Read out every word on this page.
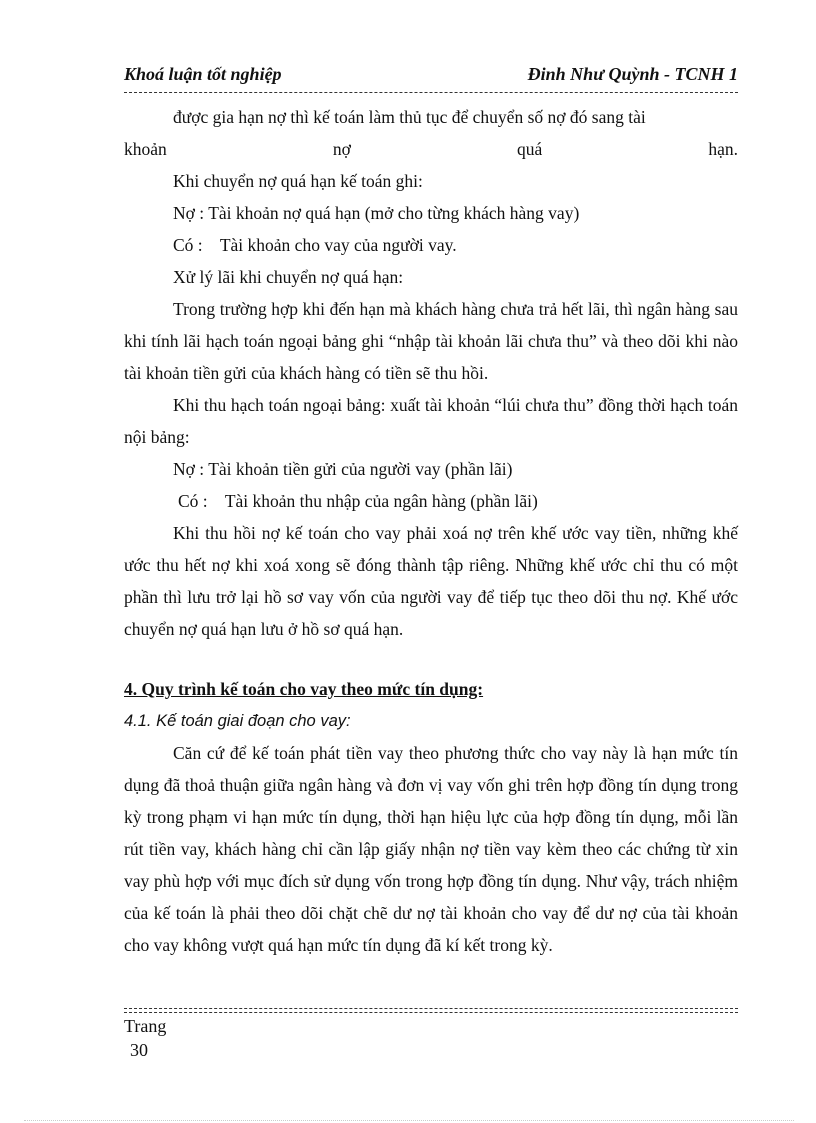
Khoá luận tốt nghiệp	Đinh Như Quỳnh - TCNH 1

được gia hạn nợ thì kế toán làm thủ tục để chuyển số nợ đó sang tài

khoản	nợ	quá	hạn.

Khi chuyển nợ quá hạn kế toán ghi:

Nợ : Tài khoản nợ quá hạn (mở cho từng khách hàng vay)

Có :    Tài khoản cho vay của người vay.

Xử lý lãi khi chuyển nợ quá hạn:

Trong trường hợp khi đến hạn mà khách hàng chưa trả hết lãi, thì ngân hàng sau khi tính lãi hạch toán ngoại bảng ghi “nhập tài khoản lãi chưa thu” và theo dõi khi nào tài khoản tiền gửi của khách hàng có tiền sẽ thu hồi.

Khi thu hạch toán ngoại bảng: xuất tài khoản “lúi chưa thu” đồng thời hạch toán nội bảng:

Nợ : Tài khoản tiền gửi của người vay (phần lãi)

Có :    Tài khoản thu nhập của ngân hàng (phần lãi)

Khi thu hồi nợ kế toán cho vay phải xoá nợ trên khế ước vay tiền, những khế ước thu hết nợ khi xoá xong sẽ đóng thành tập riêng. Những khế ước chỉ thu có một phần thì lưu trở lại hồ sơ vay vốn của người vay để tiếp tục theo dõi thu nợ. Khế ước chuyển nợ quá hạn lưu ở hồ sơ quá hạn.

4. Quy trình kế toán cho vay theo mức tín dụng:

4.1. Kế toán giai đoạn cho vay:

Căn cứ để kế toán phát tiền vay theo phương thức cho vay này là hạn mức tín dụng đã thoả thuận giữa ngân hàng và đơn vị vay vốn ghi trên hợp đồng tín dụng trong kỳ trong phạm vi hạn mức tín dụng, thời hạn hiệu lực của hợp đồng tín dụng, mỗi lần rút tiền vay, khách hàng chỉ cần lập giấy nhận nợ tiền vay kèm theo các chứng từ xin vay phù hợp với mục đích sử dụng vốn trong hợp đồng tín dụng. Như vậy, trách nhiệm của kế toán là phải theo dõi chặt chẽ dư nợ tài khoản cho vay để dư nợ của tài khoản cho vay không vượt quá hạn mức tín dụng đã kí kết trong kỳ.

Trang
30
